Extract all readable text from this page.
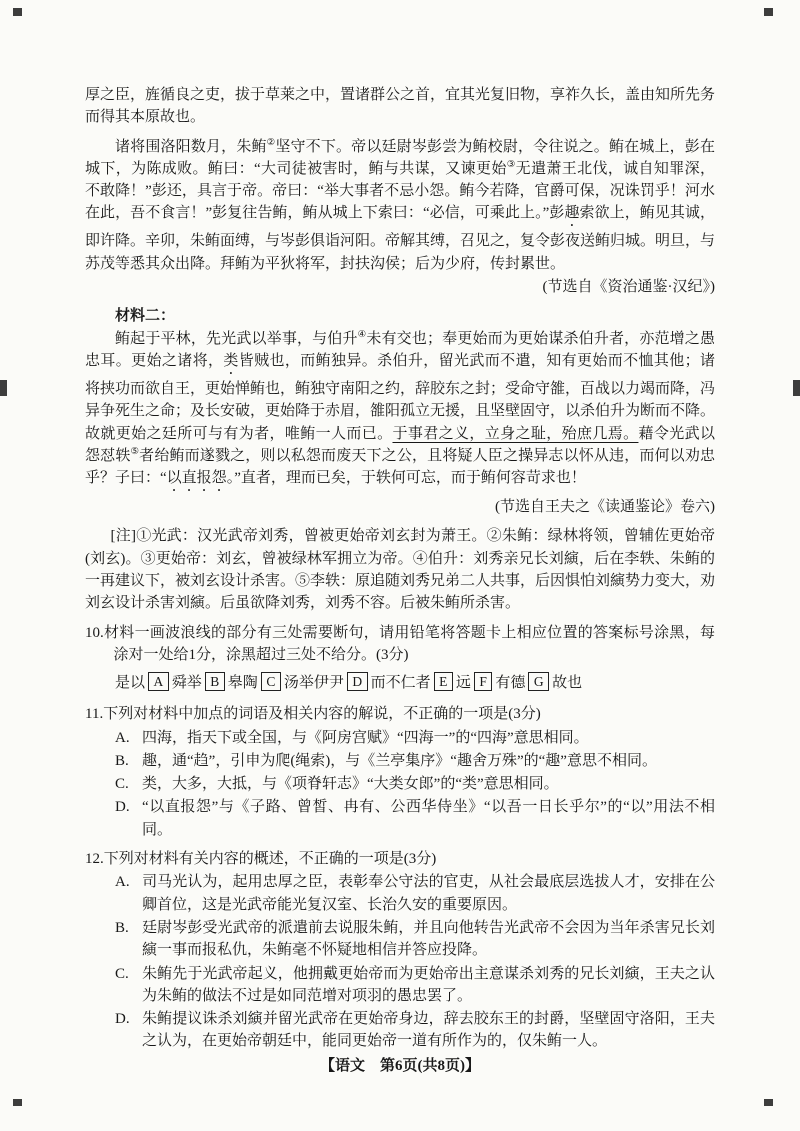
厚之臣，旌循良之吏，拔于草莱之中，置诸群公之首，宜其光复旧物，享祚久长，盖由知所先务而得其本原故也。

诸将围洛阳数月，朱鲔②坚守不下。帝以廷尉岑彭尝为鲔校尉，令往说之。鲔在城上，彭在城下，为陈成败。鲔曰：“大司徒被害时，鲔与共谋，又谏更始③无遣萧王北伐，诚自知罪深，不敢降！”彭还，具言于帝。帝曰：“举大事者不忌小怨。鲔今若降，官爵可保，况诛罚乎！河水在此，吾不食言！”彭复往告鲔，鲔从城上下索曰：“必信，可乘此上。”彭趣索欲上，鲔见其诚，即许降。辛卯，朱鲔面缚，与岑彭俱诣河阳。帝解其缚，召见之，复令彭夜送鲔归城。明旦，与苏茂等悉其众出降。拜鲔为平狄将军，封扶沟侯；后为少府，传封累世。

(节选自《资治通鉴·汉纪》)

材料二：

鲔起于平林，先光武以举事，与伯升④未有交也；奉更始而为更始谋杀伯升者，亦范增之愚忠耳。更始之诸将，类皆贼也，而鲔独异。杀伯升，留光武而不遣，知有更始而不恤其他；诸将挟功而欲自王，更始惮鲔也，鲔独守南阳之约，辞胶东之封；受命守雒，百战以力竭而降，冯异争死生之命；及长安破，更始降于赤眉，雒阳孤立无援，且坚壁固守，以杀伯升为断而不降。故就更始之廷所可与有为者，唯鲔一人而已。于事君之义，立身之耻，殆庶几焉。藉令光武以怨怼轶⑤者绐鲔而遂戮之，则以私怨而废天下之公，且将疑人臣之操异志以怀从违，而何以劝忠乎？子曰：“以直报怨。”直者，理而已矣，于轶何可忘，而于鲔何容苛求也！

(节选自王夫之《读通鉴论》卷六)

[注]①光武：汉光武帝刘秀，曾被更始帝刘玄封为萧王。②朱鲔：绿林将领，曾辅佐更始帝(刘玄)。③更始帝：刘玄，曾被绿林军拥立为帝。④伯升：刘秀亲兄长刘縯，后在李轶、朱鲔的一再建议下，被刘玄设计杀害。⑤李轶：原追随刘秀兄弟二人共事，后因惧怕刘縯势力变大，劝刘玄设计杀害刘縯。后虽欲降刘秀，刘秀不容。后被朱鲔所杀害。

10.材料一画波浪线的部分有三处需要断句，请用铅笔将答题卡上相应位置的答案标号涂黑，每涂对一处给1分，涂黑超过三处不给分。(3分)

是以 A 舜举 B 皋陶 C 汤举伊尹 D 而不仁者 E 远 F 有德 G 故也

11.下列对材料中加点的词语及相关内容的解说，不正确的一项是(3分)

A. 四海，指天下或全国，与《阿房宫赋》“四海一”的“四海”意思相同。

B. 趣，通“趋”，引申为爬(绳索)，与《兰亭集序》“趣舍万殊”的“趣”意思不相同。

C. 类，大多，大抵，与《项脊轩志》“大类女郎”的“类”意思相同。

D. “以直报怨”与《子路、曾皙、冉有、公西华侍坐》“以吾一日长乎尔”的“以”用法不相同。

12.下列对材料有关内容的概述，不正确的一项是(3分)

A. 司马光认为，起用忠厚之臣，表彰奉公守法的官吏，从社会最底层选拔人才，安排在公卿首位，这是光武帝能光复汉室、长治久安的重要原因。

B. 廷尉岑彭受光武帝的派遣前去说服朱鲔，并且向他转告光武帝不会因为当年杀害兄长刘縯一事而报私仇，朱鲔毫不怀疑地相信并答应投降。

C. 朱鲔先于光武帝起义，他拥戴更始帝而为更始帝出主意谋杀刘秀的兄长刘縯，王夫之认为朱鲔的做法不过是如同范增对项羽的愚忠罢了。

D. 朱鲔提议诛杀刘縯并留光武帝在更始帝身边，辞去胶东王的封爵，坚壁固守洛阳，王夫之认为，在更始帝朝廷中，能同更始帝一道有所作为的，仅朱鲔一人。

【语文　第6页(共8页)】
